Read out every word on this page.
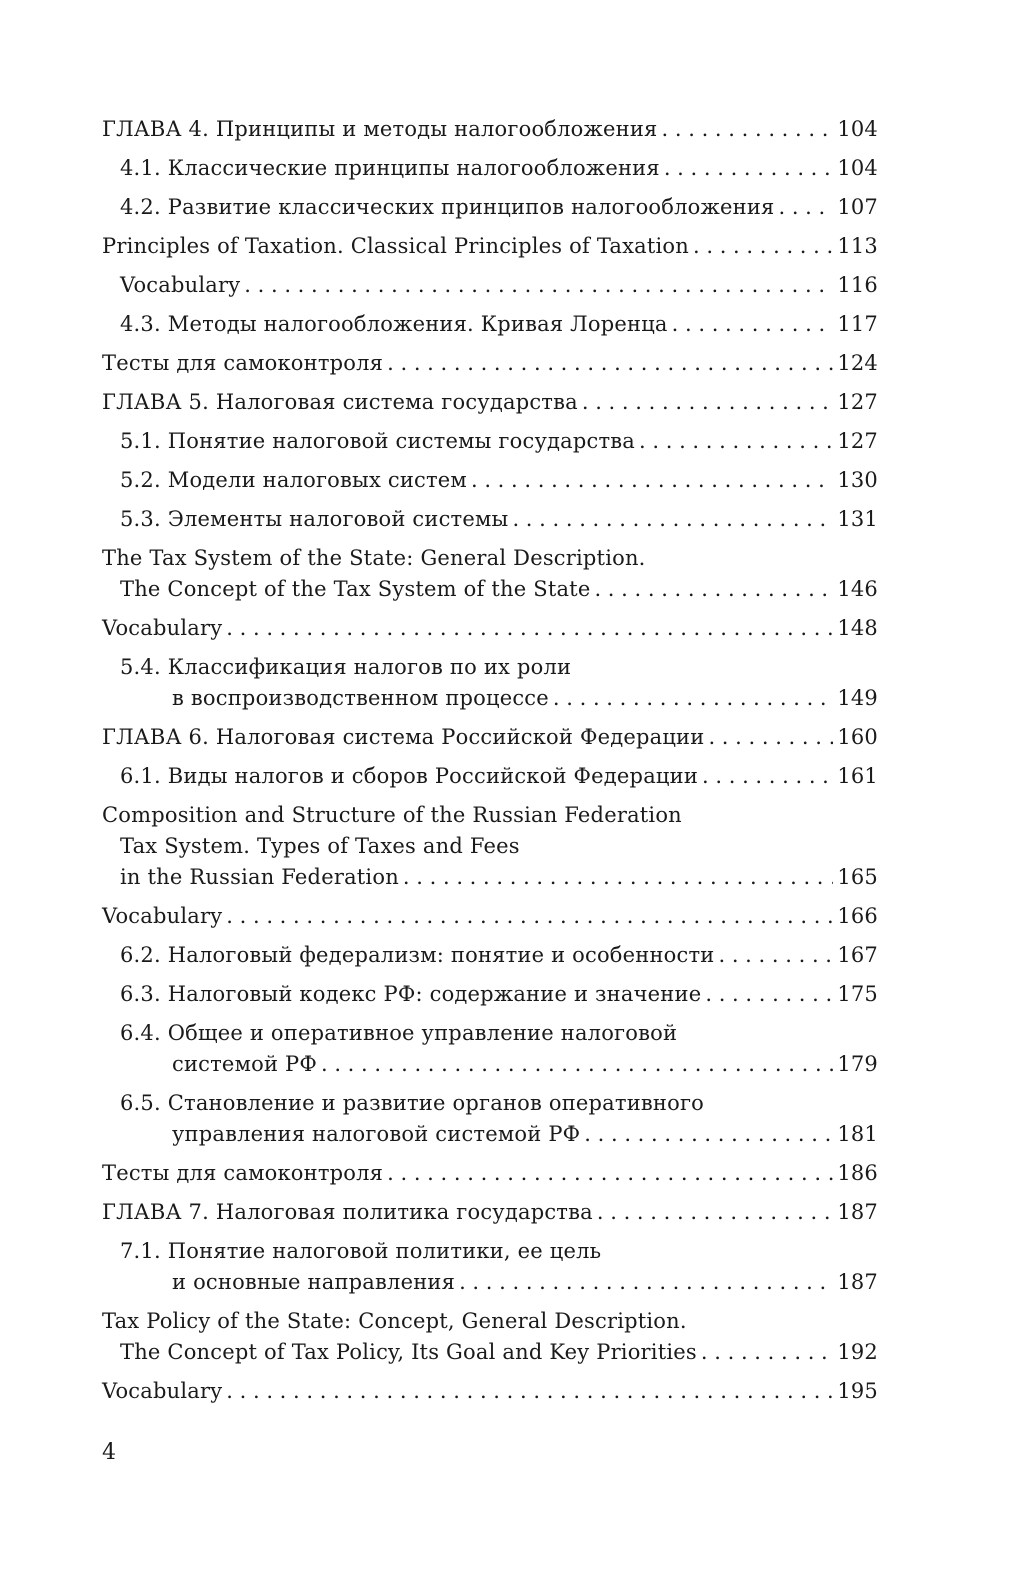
ГЛАВА 4. Принципы и методы налогообложения . . .	104
4.1. Классические принципы налогообложения . . .	104
4.2. Развитие классических принципов налогообложения . . .	107
Principles of Taxation. Classical Principles of Taxation . . .	113
Vocabulary . . .	116
4.3. Методы налогообложения. Кривая Лоренца . . .	117
Тесты для самоконтроля . . .	124
ГЛАВА 5. Налоговая система государства . . .	127
5.1. Понятие налоговой системы государства . . .	127
5.2. Модели налоговых систем . . .	130
5.3. Элементы налоговой системы . . .	131
The Tax System of the State: General Description.
The Concept of the Tax System of the State . . .	146
Vocabulary . . .	148
5.4. Классификация налогов по их роли
в воспроизводственном процессе . . .	149
ГЛАВА 6. Налоговая система Российской Федерации . . .	160
6.1. Виды налогов и сборов Российской Федерации . . .	161
Composition and Structure of the Russian Federation
Tax System. Types of Taxes and Fees
in the Russian Federation . . .	165
Vocabulary . . .	166
6.2. Налоговый федерализм: понятие и особенности . . .	167
6.3. Налоговый кодекс РФ: содержание и значение . . .	175
6.4. Общее и оперативное управление налоговой
системой РФ . . .	179
6.5. Становление и развитие органов оперативного
управления налоговой системой РФ . . .	181
Тесты для самоконтроля . . .	186
ГЛАВА 7. Налоговая политика государства . . .	187
7.1. Понятие налоговой политики, ее цель
и основные направления . . .	187
Tax Policy of the State: Concept, General Description.
The Concept of Tax Policy, Its Goal and Key Priorities . . .	192
Vocabulary . . .	195
4
